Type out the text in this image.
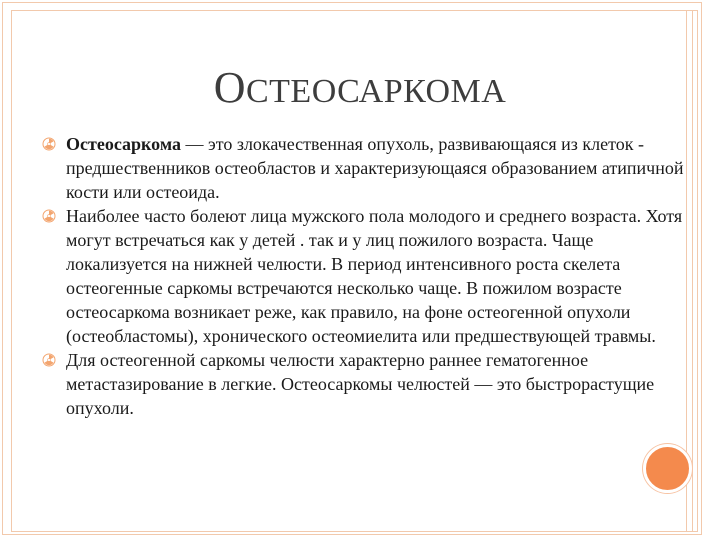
ОСТЕОСАРКОМА
Остеосаркома — это злокачественная опухоль, развивающаяся из клеток - предшественников остеобластов и характеризующаяся образованием атипичной кости или остеоида.
Наиболее часто болеют лица мужского пола молодого и среднего возраста. Хотя могут встречаться как у детей . так и у лиц пожилого возраста. Чаще локализуется на нижней челюсти. В период интенсивного роста скелета остеогенные саркомы встречаются несколько чаще. В пожилом возрасте остеосаркома возникает реже, как правило, на фоне остеогенной опухоли (остеобластомы), хронического остеомиелита или предшествующей травмы.
Для остеогенной саркомы челюсти характерно раннее гематогенное метастазирование в легкие. Остеосаркомы челюстей — это быстрорастущие опухоли.
